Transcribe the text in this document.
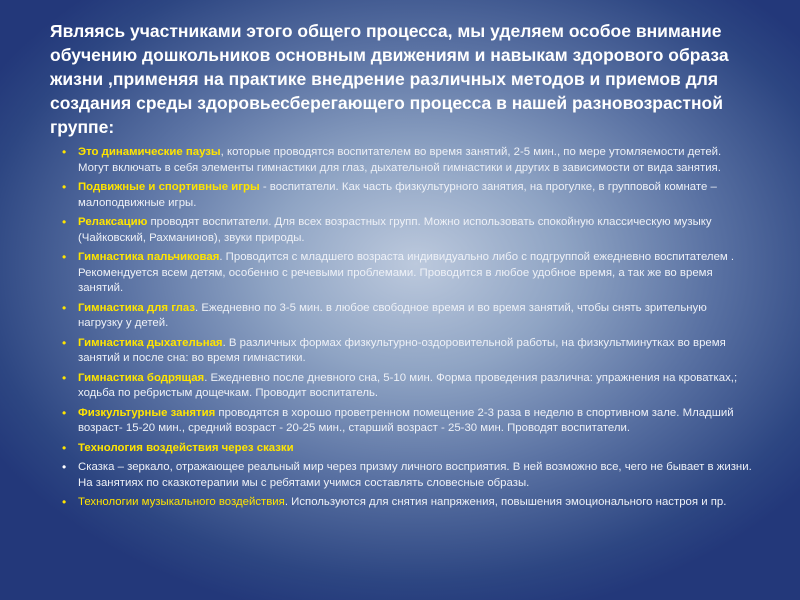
Являясь участниками этого общего процесса, мы уделяем особое внимание обучению дошкольников основным движениям и навыкам здорового образа жизни ,применяя на практике внедрение различных методов и приемов для создания среды здоровьесберегающего процесса в нашей разновозрастной группе:
• Это динамические паузы, которые проводятся воспитателем во время занятий, 2-5 мин., по мере утомляемости детей. Могут включать в себя элементы гимнастики для глаз, дыхательной гимнастики и других в зависимости от вида занятия.
• Подвижные и спортивные игры - воспитатели. Как часть физкультурного занятия, на прогулке, в групповой комнате – малоподвижные игры.
• Релаксацию проводят воспитатели. Для всех возрастных групп. Можно использовать спокойную классическую музыку (Чайковский, Рахманинов), звуки природы.
• Гимнастика пальчиковая. Проводится с младшего возраста индивидуально либо с подгруппой ежедневно воспитателем . Рекомендуется всем детям, особенно с речевыми проблемами. Проводится в любое удобное время, а так же во время занятий.
• Гимнастика для глаз. Ежедневно по 3-5 мин. в любое свободное время и во время занятий, чтобы снять зрительную нагрузку у детей.
• Гимнастика дыхательная. В различных формах физкультурно-оздоровительной работы, на физкультминутках во время занятий и после сна: во время гимнастики.
• Гимнастика бодрящая. Ежедневно после дневного сна, 5-10 мин. Форма проведения различна: упражнения на кроватках,; ходьба по ребристым дощечкам. Проводит воспитатель.
• Физкультурные занятия проводятся в хорошо проветренном помещение 2-3 раза в неделю в спортивном зале. Младший возраст- 15-20 мин., средний возраст - 20-25 мин., старший возраст - 25-30 мин. Проводят воспитатели.
• Технология воздействия через сказки
• Сказка – зеркало, отражающее реальный мир через призму личного восприятия. В ней возможно все, чего не бывает в жизни. На занятиях по сказкотерапии мы с ребятами учимся составлять словесные образы.
• Технологии музыкального воздействия. Используются для снятия напряжения, повышения эмоционального настроя и пр.
